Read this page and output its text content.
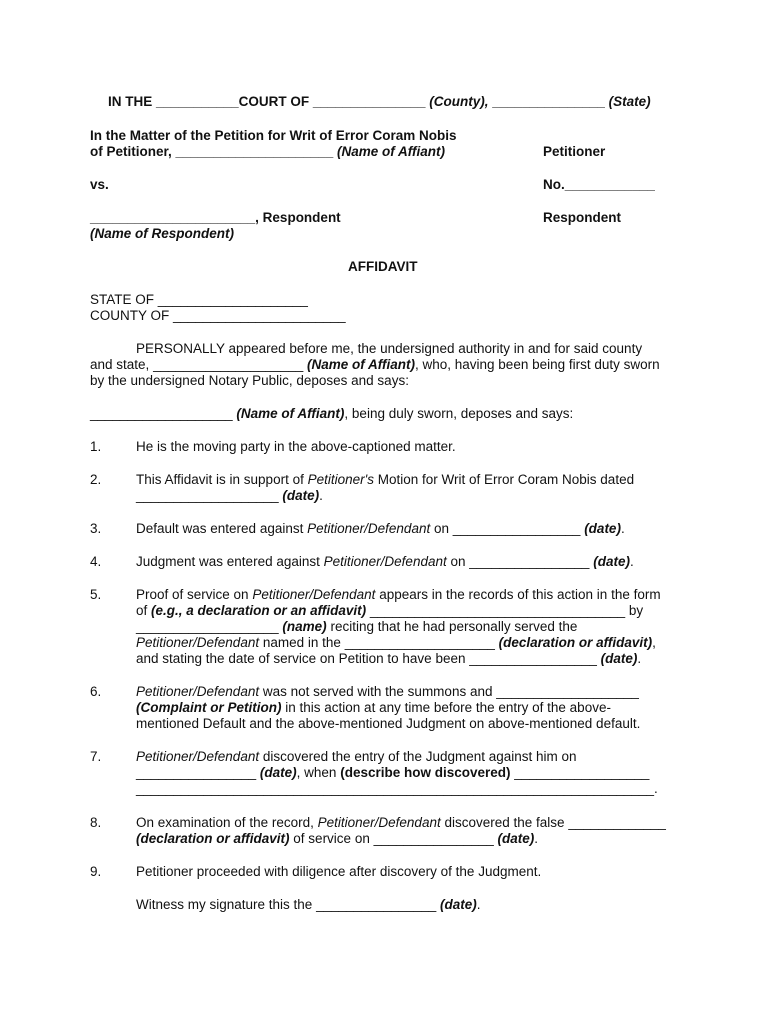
IN THE ___________COURT OF _______________ (County), _______________ (State)
In the Matter of the Petition for Writ of Error Coram Nobis
of Petitioner, _____________________ (Name of Affiant)	Petitioner
vs.	No.____________
______________________, Respondent	Respondent
(Name of Respondent)
AFFIDAVIT
STATE OF ____________________
COUNTY OF _______________________
PERSONALLY appeared before me, the undersigned authority in and for said county
and state, ____________________ (Name of Affiant), who, having been being first duty sworn
by the undersigned Notary Public, deposes and says:
___________________ (Name of Affiant), being duly sworn, deposes and says:
1.	He is the moving party in the above-captioned matter.
2.	This Affidavit is in support of Petitioner's Motion for Writ of Error Coram Nobis dated
___________________ (date).
3.	Default was entered against Petitioner/Defendant on _________________ (date).
4.	Judgment was entered against Petitioner/Defendant on ________________ (date).
5.	Proof of service on Petitioner/Defendant appears in the records of this action in the form
of (e.g., a declaration or an affidavit) __________________________________ by
___________________ (name) reciting that he had personally served the
Petitioner/Defendant named in the ____________________ (declaration or affidavit),
and stating the date of service on Petition to have been _________________ (date).
6.	Petitioner/Defendant was not served with the summons and ___________________
(Complaint or Petition) in this action at any time before the entry of the above-
mentioned Default and the above-mentioned Judgment on above-mentioned default.
7.	Petitioner/Defendant discovered the entry of the Judgment against him on
________________ (date), when (describe how discovered) __________________
_____________________________________________________________________.
8.	On examination of the record, Petitioner/Defendant discovered the false _____________
(declaration or affidavit) of service on ________________ (date).
9.	Petitioner proceeded with diligence after discovery of the Judgment.
Witness my signature this the ________________ (date).
